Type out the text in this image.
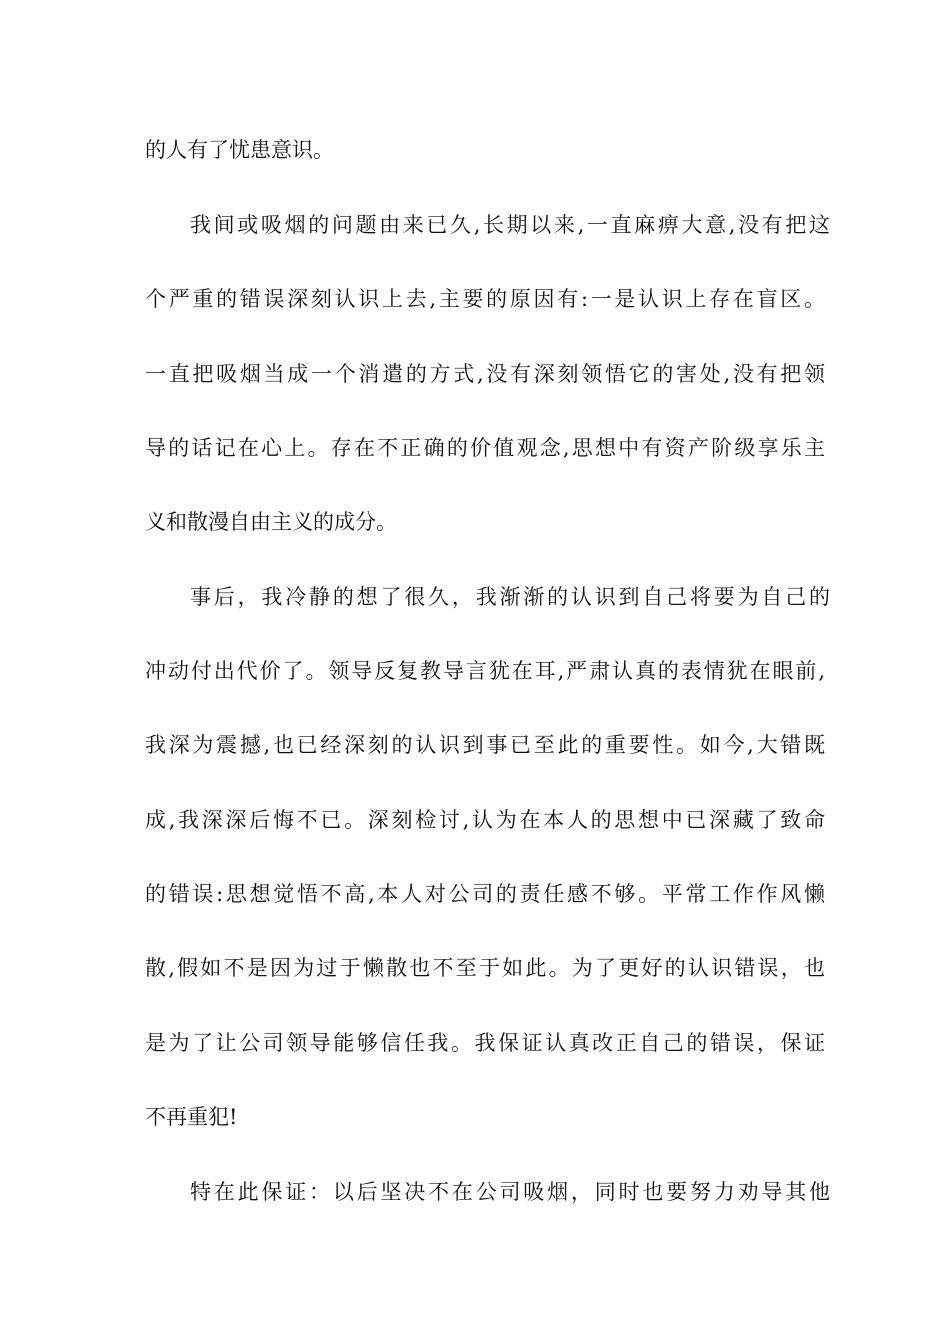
的人有了忧患意识。
我间或吸烟的问题由来已久,长期以来,一直麻痹大意,没有把这
个严重的错误深刻认识上去,主要的原因有:一是认识上存在盲区。
一直把吸烟当成一个消遣的方式,没有深刻领悟它的害处,没有把领
导的话记在心上。存在不正确的价值观念,思想中有资产阶级享乐主
义和散漫自由主义的成分。
事后，我冷静的想了很久，我渐渐的认识到自己将要为自己的
冲动付出代价了。领导反复教导言犹在耳,严肃认真的表情犹在眼前,
我深为震撼,也已经深刻的认识到事已至此的重要性。如今,大错既
成,我深深后悔不已。深刻检讨,认为在本人的思想中已深藏了致命
的错误:思想觉悟不高,本人对公司的责任感不够。平常工作作风懒
散,假如不是因为过于懒散也不至于如此。为了更好的认识错误，也
是为了让公司领导能够信任我。我保证认真改正自己的错误，保证
不再重犯!
特在此保证：以后坚决不在公司吸烟，同时也要努力劝导其他
